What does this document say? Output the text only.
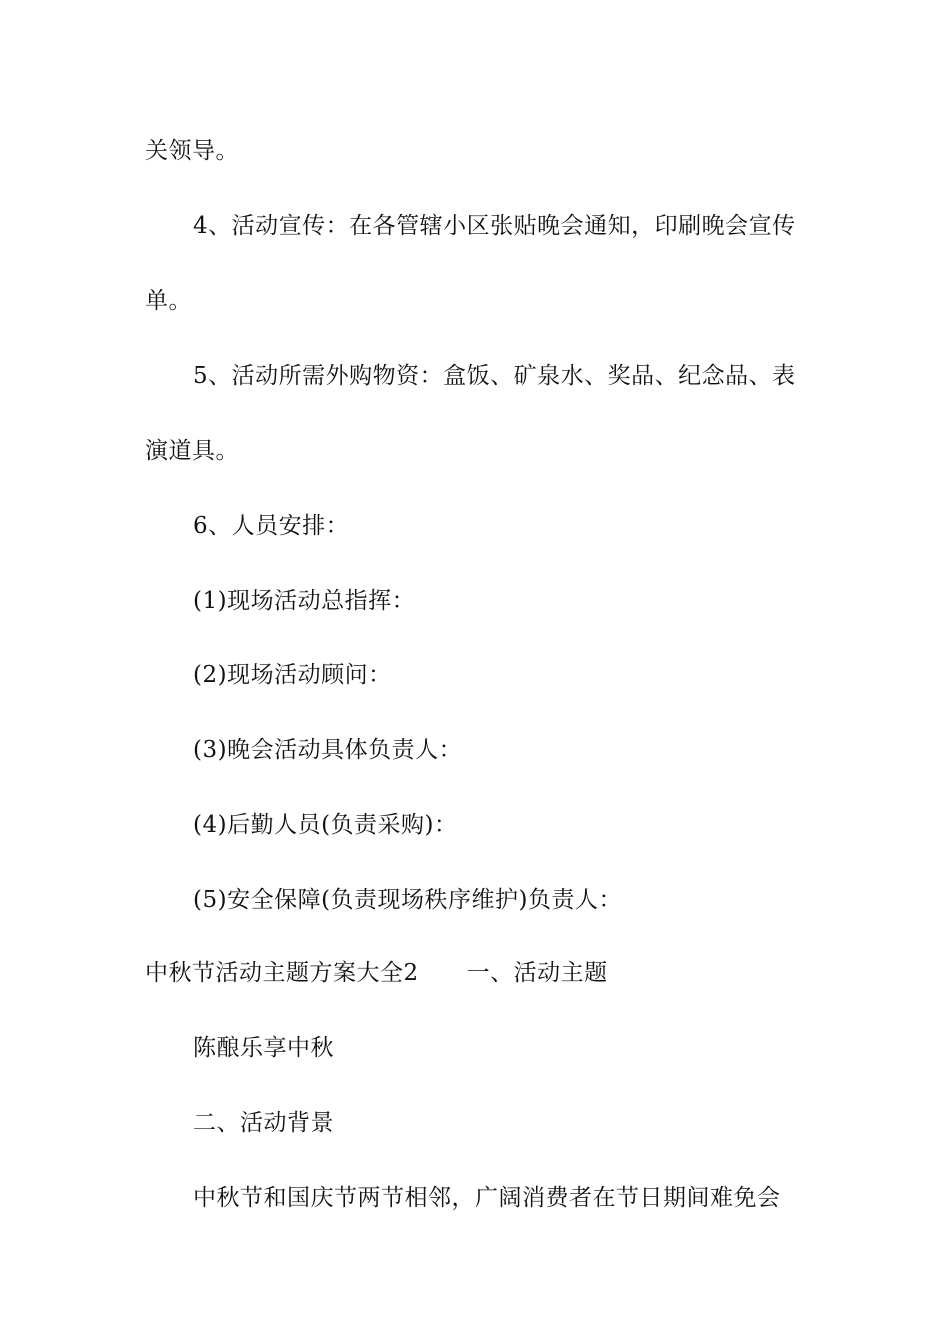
关领导。
4、活动宣传：在各管辖小区张贴晚会通知，印刷晚会宣传
单。
5、活动所需外购物资：盒饭、矿泉水、奖品、纪念品、表
演道具。
6、人员安排：
(1)现场活动总指挥：
(2)现场活动顾问：
(3)晚会活动具体负责人：
(4)后勤人员(负责采购)：
(5)安全保障(负责现场秩序维护)负责人：
中秋节活动主题方案大全2 一、活动主题
陈酿乐享中秋
二、活动背景
中秋节和国庆节两节相邻，广阔消费者在节日期间难免会
